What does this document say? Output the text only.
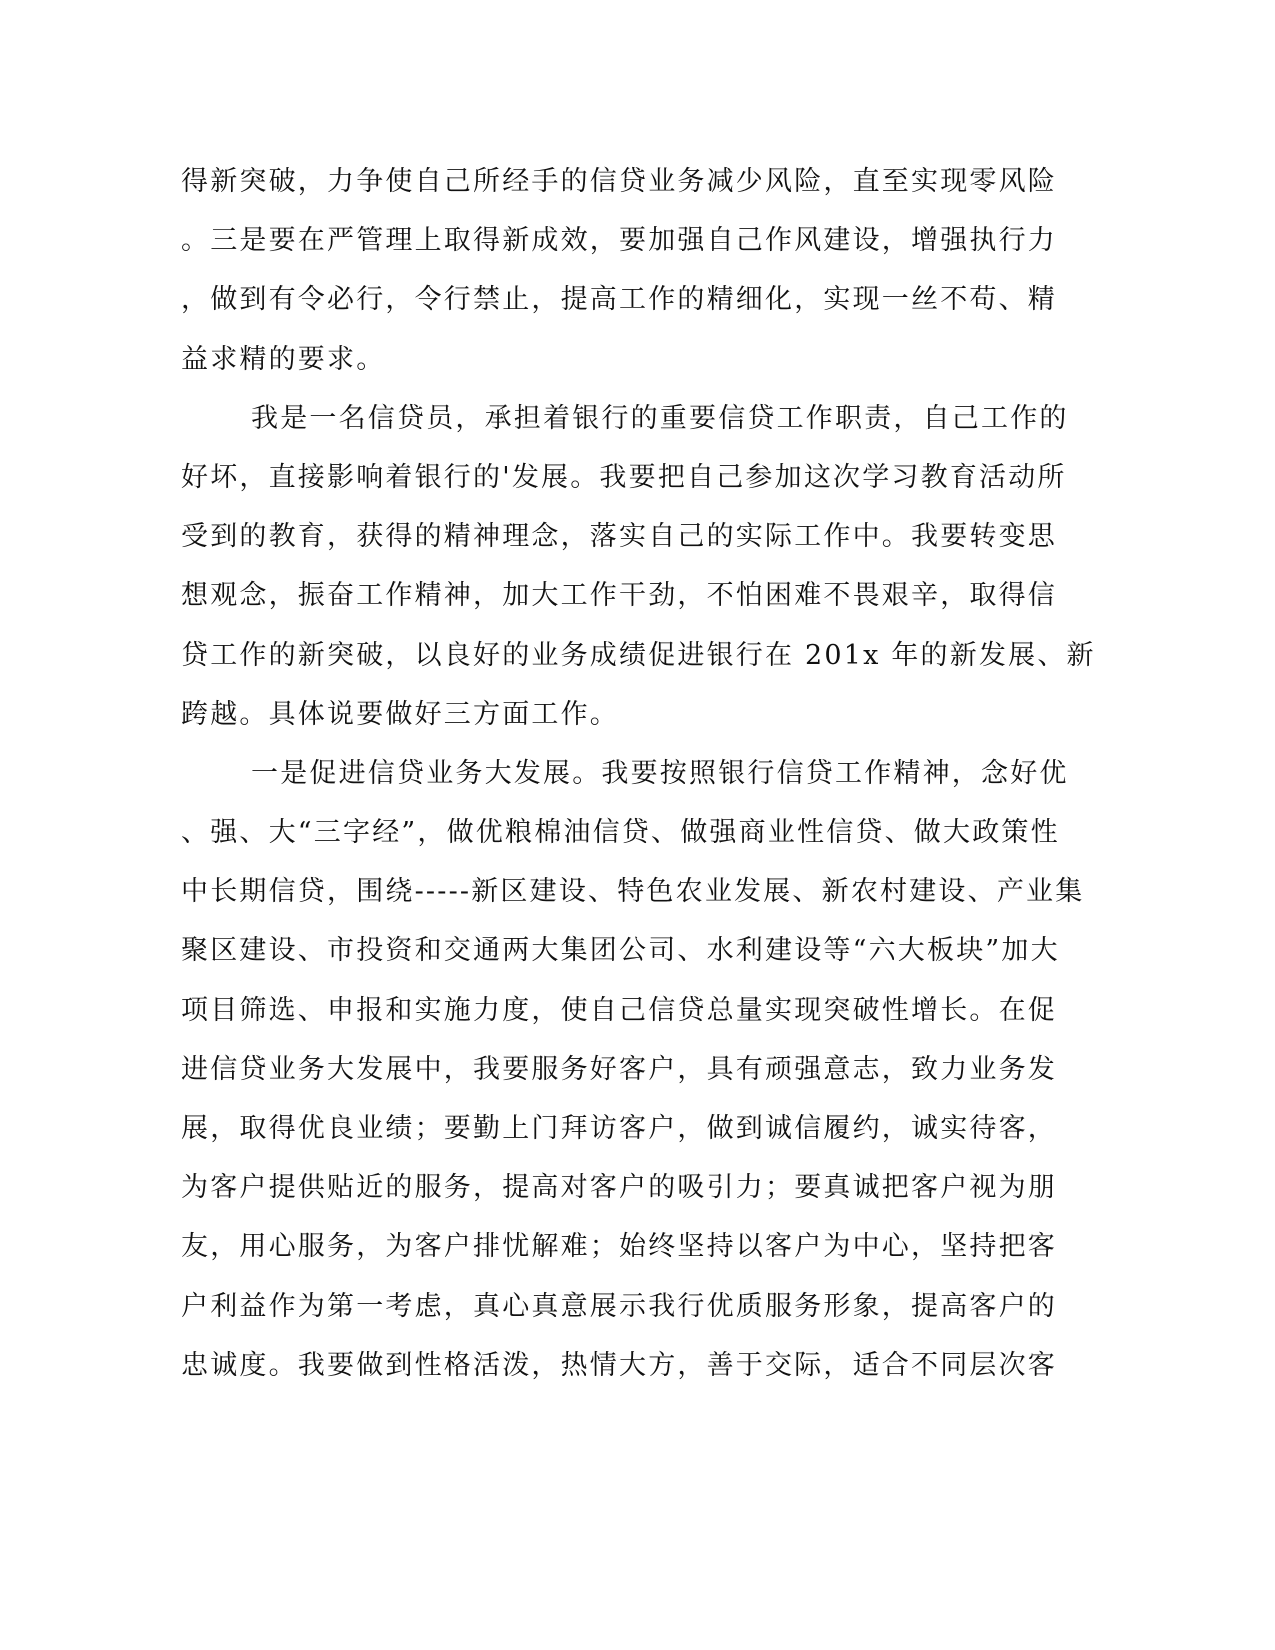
得新突破，力争使自己所经手的信贷业务减少风险，直至实现零风险
。三是要在严管理上取得新成效，要加强自己作风建设，增强执行力
，做到有令必行，令行禁止，提高工作的精细化，实现一丝不苟、精
益求精的要求。
我是一名信贷员，承担着银行的重要信贷工作职责，自己工作的
好坏，直接影响着银行的'发展。我要把自己参加这次学习教育活动所
受到的教育，获得的精神理念，落实自己的实际工作中。我要转变思
想观念，振奋工作精神，加大工作干劲，不怕困难不畏艰辛，取得信
贷工作的新突破，以良好的业务成绩促进银行在 201x 年的新发展、新
跨越。具体说要做好三方面工作。
一是促进信贷业务大发展。我要按照银行信贷工作精神，念好优
、强、大“三字经”，做优粮棉油信贷、做强商业性信贷、做大政策性
中长期信贷，围绕-----新区建设、特色农业发展、新农村建设、产业集
聚区建设、市投资和交通两大集团公司、水利建设等“六大板块”加大
项目筛选、申报和实施力度，使自己信贷总量实现突破性增长。在促
进信贷业务大发展中，我要服务好客户，具有顽强意志，致力业务发
展，取得优良业绩；要勤上门拜访客户，做到诚信履约，诚实待客，
为客户提供贴近的服务，提高对客户的吸引力；要真诚把客户视为朋
友，用心服务，为客户排忧解难；始终坚持以客户为中心，坚持把客
户利益作为第一考虑，真心真意展示我行优质服务形象，提高客户的
忠诚度。我要做到性格活泼，热情大方，善于交际，适合不同层次客
